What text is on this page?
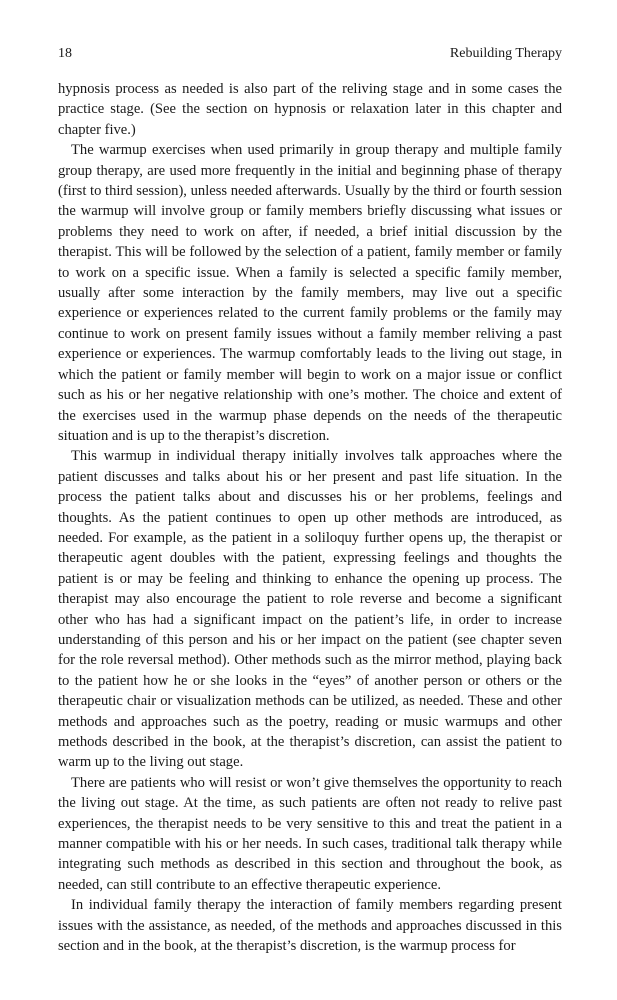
18	Rebuilding Therapy

hypnosis process as needed is also part of the reliving stage and in some cases the practice stage. (See the section on hypnosis or relaxation later in this chapter and chapter five.)

The warmup exercises when used primarily in group therapy and multiple family group therapy, are used more frequently in the initial and beginning phase of therapy (first to third session), unless needed afterwards. Usually by the third or fourth session the warmup will involve group or family members briefly discussing what issues or problems they need to work on after, if needed, a brief initial discussion by the therapist. This will be followed by the selection of a patient, family member or family to work on a specific issue. When a family is selected a specific family member, usually after some interaction by the family members, may live out a specific experience or experiences related to the current family problems or the family may continue to work on present family issues without a family member reliving a past experience or experiences. The warmup comfortably leads to the living out stage, in which the patient or family member will begin to work on a major issue or conflict such as his or her negative relationship with one’s mother. The choice and extent of the exercises used in the warmup phase depends on the needs of the therapeutic situation and is up to the therapist’s discretion.

This warmup in individual therapy initially involves talk approaches where the patient discusses and talks about his or her present and past life situation. In the process the patient talks about and discusses his or her problems, feelings and thoughts. As the patient continues to open up other methods are introduced, as needed. For example, as the patient in a soliloquy further opens up, the therapist or therapeutic agent doubles with the patient, expressing feelings and thoughts the patient is or may be feeling and thinking to enhance the opening up process. The therapist may also encourage the patient to role reverse and become a significant other who has had a significant impact on the patient’s life, in order to increase understanding of this person and his or her impact on the patient (see chapter seven for the role reversal method). Other methods such as the mirror method, playing back to the patient how he or she looks in the “eyes” of another person or others or the therapeutic chair or visualization methods can be utilized, as needed. These and other methods and approaches such as the poetry, reading or music warmups and other methods described in the book, at the therapist’s discretion, can assist the patient to warm up to the living out stage.

There are patients who will resist or won’t give themselves the opportunity to reach the living out stage. At the time, as such patients are often not ready to relive past experiences, the therapist needs to be very sensitive to this and treat the patient in a manner compatible with his or her needs. In such cases, traditional talk therapy while integrating such methods as described in this section and throughout the book, as needed, can still contribute to an effective therapeutic experience.

In individual family therapy the interaction of family members regarding present issues with the assistance, as needed, of the methods and approaches discussed in this section and in the book, at the therapist’s discretion, is the warmup process for
